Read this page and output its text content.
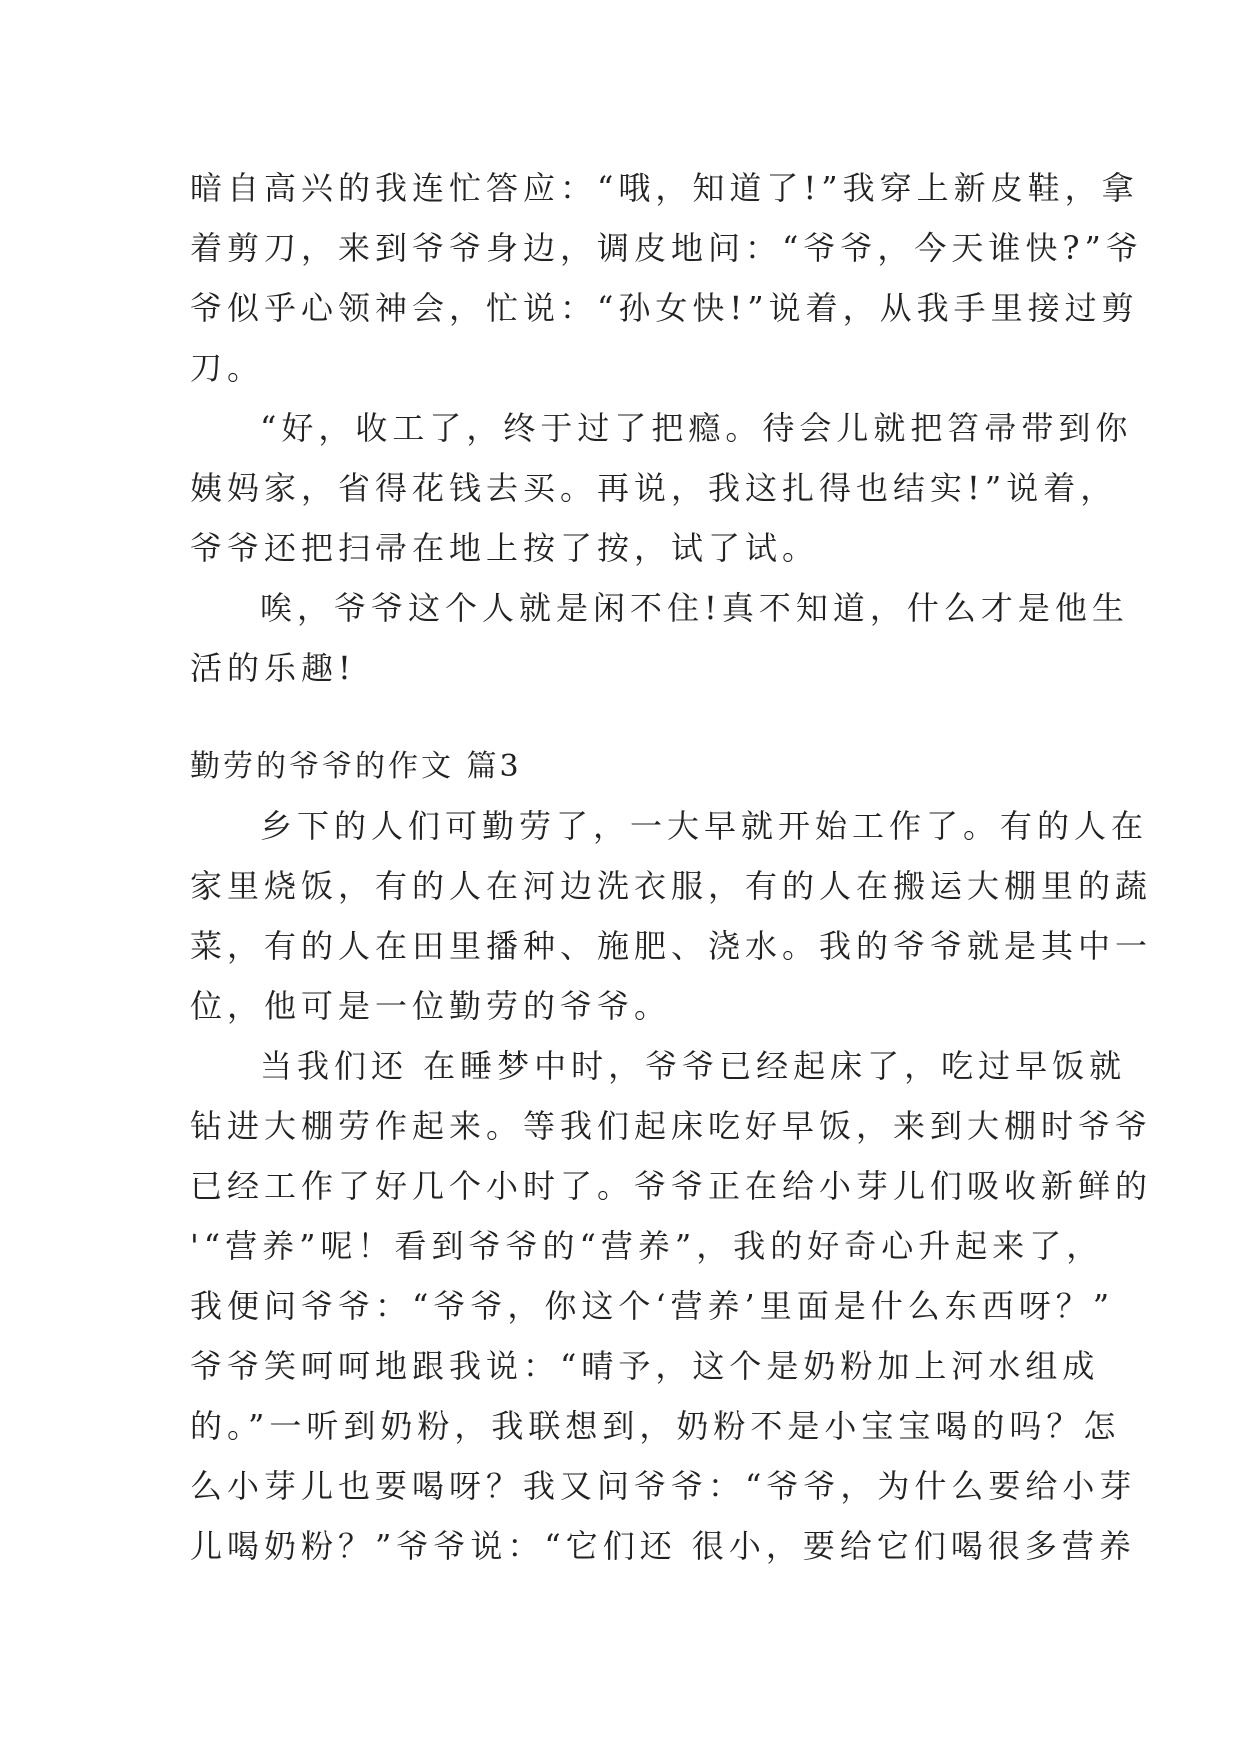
暗自高兴的我连忙答应：“哦，知道了!”我穿上新皮鞋，拿
着剪刀，来到爷爷身边，调皮地问：“爷爷，今天谁快?”爷
爷似乎心领神会，忙说：“孙女快!”说着，从我手里接过剪
刀。
“好，收工了，终于过了把瘾。待会儿就把笤帚带到你
姨妈家，省得花钱去买。再说，我这扎得也结实!”说着，
爷爷还把扫帚在地上按了按，试了试。
唉，爷爷这个人就是闲不住!真不知道，什么才是他生
活的乐趣!
勤劳的爷爷的作文 篇3
乡下的人们可勤劳了，一大早就开始工作了。有的人在
家里烧饭，有的人在河边洗衣服，有的人在搬运大棚里的蔬
菜，有的人在田里播种、施肥、浇水。我的爷爷就是其中一
位，他可是一位勤劳的爷爷。
当我们还 在睡梦中时，爷爷已经起床了，吃过早饭就
钻进大棚劳作起来。等我们起床吃好早饭，来到大棚时爷爷
已经工作了好几个小时了。爷爷正在给小芽儿们吸收新鲜的
'“营养”呢！看到爷爷的“营养”，我的好奇心升起来了，
我便问爷爷：“爷爷，你这个‘营养’里面是什么东西呀？”
爷爷笑呵呵地跟我说：“晴予，这个是奶粉加上河水组成
的。”一听到奶粉，我联想到，奶粉不是小宝宝喝的吗？怎
么小芽儿也要喝呀？我又问爷爷：“爷爷，为什么要给小芽
儿喝奶粉？”爷爷说：“它们还 很小，要给它们喝很多营养
